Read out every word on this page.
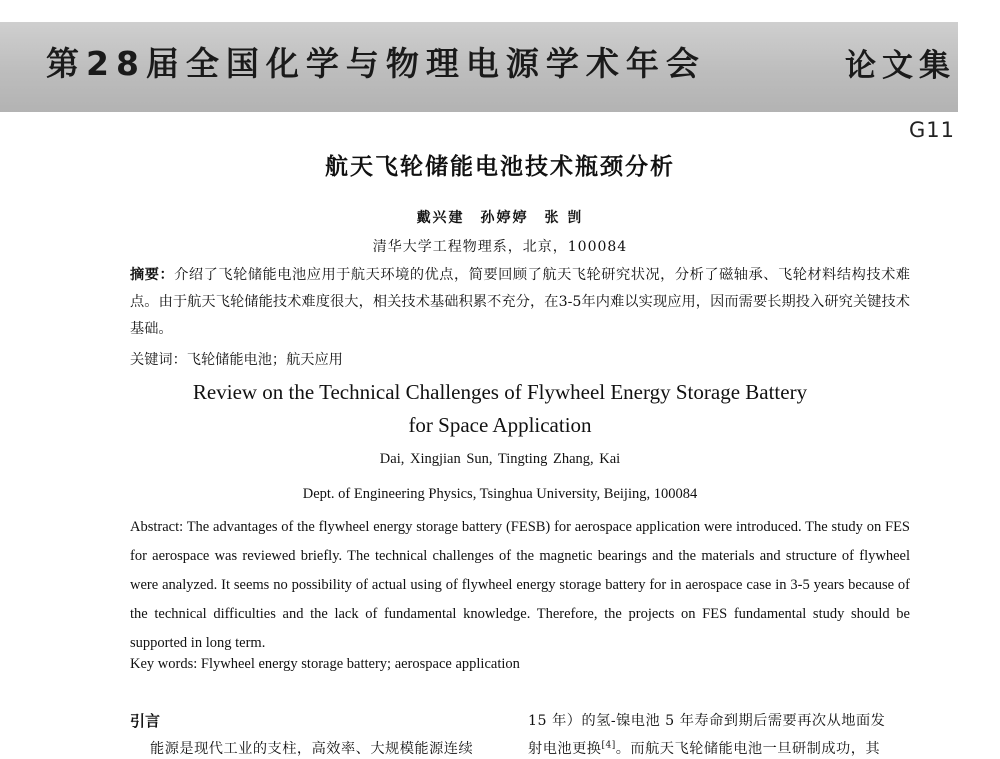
第28届全国化学与物理电源学术年会	论文集
G11
航天飞轮储能电池技术瓶颈分析
戴兴建　孙婷婷　张 剀
清华大学工程物理系，北京，100084
摘要：介绍了飞轮储能电池应用于航天环境的优点，简要回顾了航天飞轮研究状况，分析了磁轴承、飞轮材料结构技术难点。由于航天飞轮储能技术难度很大，相关技术基础积累不充分，在3-5年内难以实现应用，因而需要长期投入研究关键技术基础。
关键词：飞轮储能电池；航天应用
Review on the Technical Challenges of Flywheel Energy Storage Battery
for Space Application
Dai, Xingjian Sun, Tingting Zhang, Kai
Dept. of Engineering Physics, Tsinghua University, Beijing, 100084
Abstract: The advantages of the flywheel energy storage battery (FESB) for aerospace application were introduced. The study on FES for aerospace was reviewed briefly. The technical challenges of the magnetic bearings and the materials and structure of flywheel were analyzed. It seems no possibility of actual using of flywheel energy storage battery for in aerospace case in 3-5 years because of the technical difficulties and the lack of fundamental knowledge. Therefore, the projects on FES fundamental study should be supported in long term.
Key words: Flywheel energy storage battery; aerospace application
引言
能源是现代工业的支柱，高效率、大规模能源连续
15 年）的氢-镍电池 5 年寿命到期后需要再次从地面发
射电池更换[4]。而航天飞轮储能电池一旦研制成功，其
